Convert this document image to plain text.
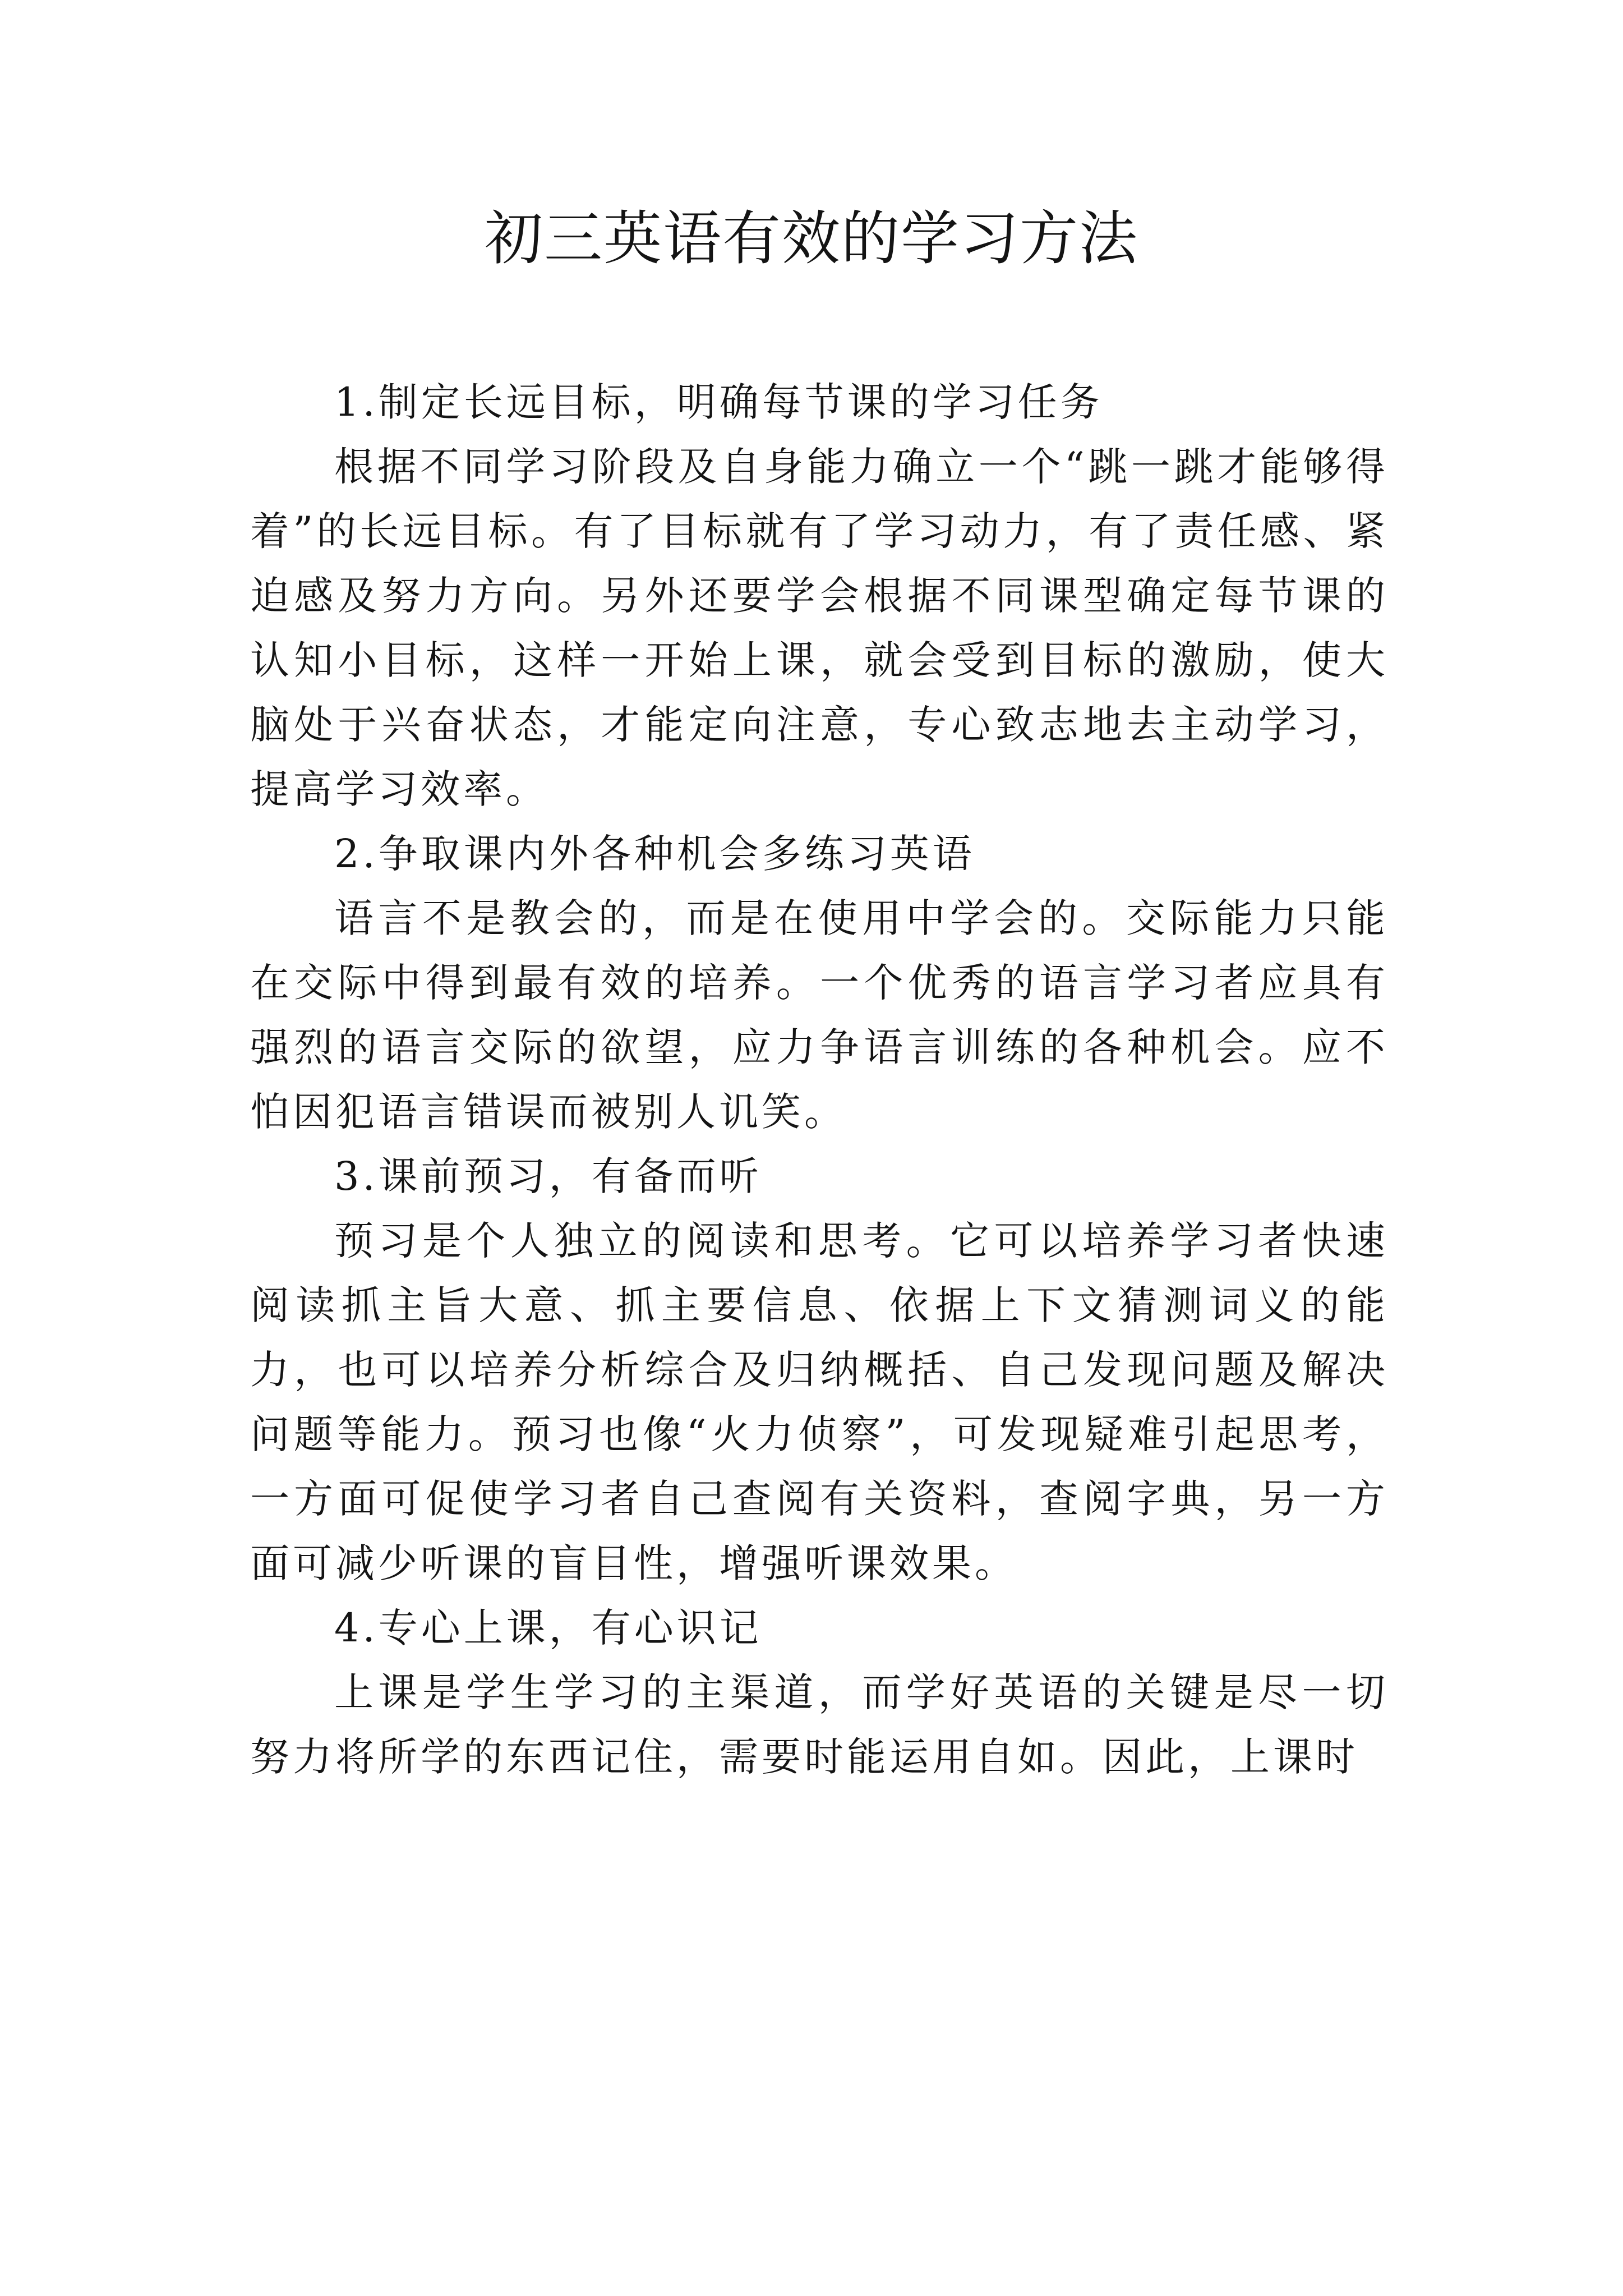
初三英语有效的学习方法

1.制定长远目标，明确每节课的学习任务

根据不同学习阶段及自身能力确立一个“跳一跳才能够得着”的长远目标。有了目标就有了学习动力，有了责任感、紧迫感及努力方向。另外还要学会根据不同课型确定每节课的认知小目标，这样一开始上课，就会受到目标的激励，使大脑处于兴奋状态，才能定向注意，专心致志地去主动学习，提高学习效率。

2.争取课内外各种机会多练习英语

语言不是教会的，而是在使用中学会的。交际能力只能在交际中得到最有效的培养。一个优秀的语言学习者应具有强烈的语言交际的欲望，应力争语言训练的各种机会。应不怕因犯语言错误而被别人讥笑。

3.课前预习，有备而听

预习是个人独立的阅读和思考。它可以培养学习者快速阅读抓主旨大意、抓主要信息、依据上下文猜测词义的能力，也可以培养分析综合及归纳概括、自己发现问题及解决问题等能力。预习也像“火力侦察”，可发现疑难引起思考，一方面可促使学习者自己查阅有关资料，查阅字典，另一方面可减少听课的盲目性，增强听课效果。

4.专心上课，有心识记

上课是学生学习的主渠道，而学好英语的关键是尽一切努力将所学的东西记住，需要时能运用自如。因此，上课时
